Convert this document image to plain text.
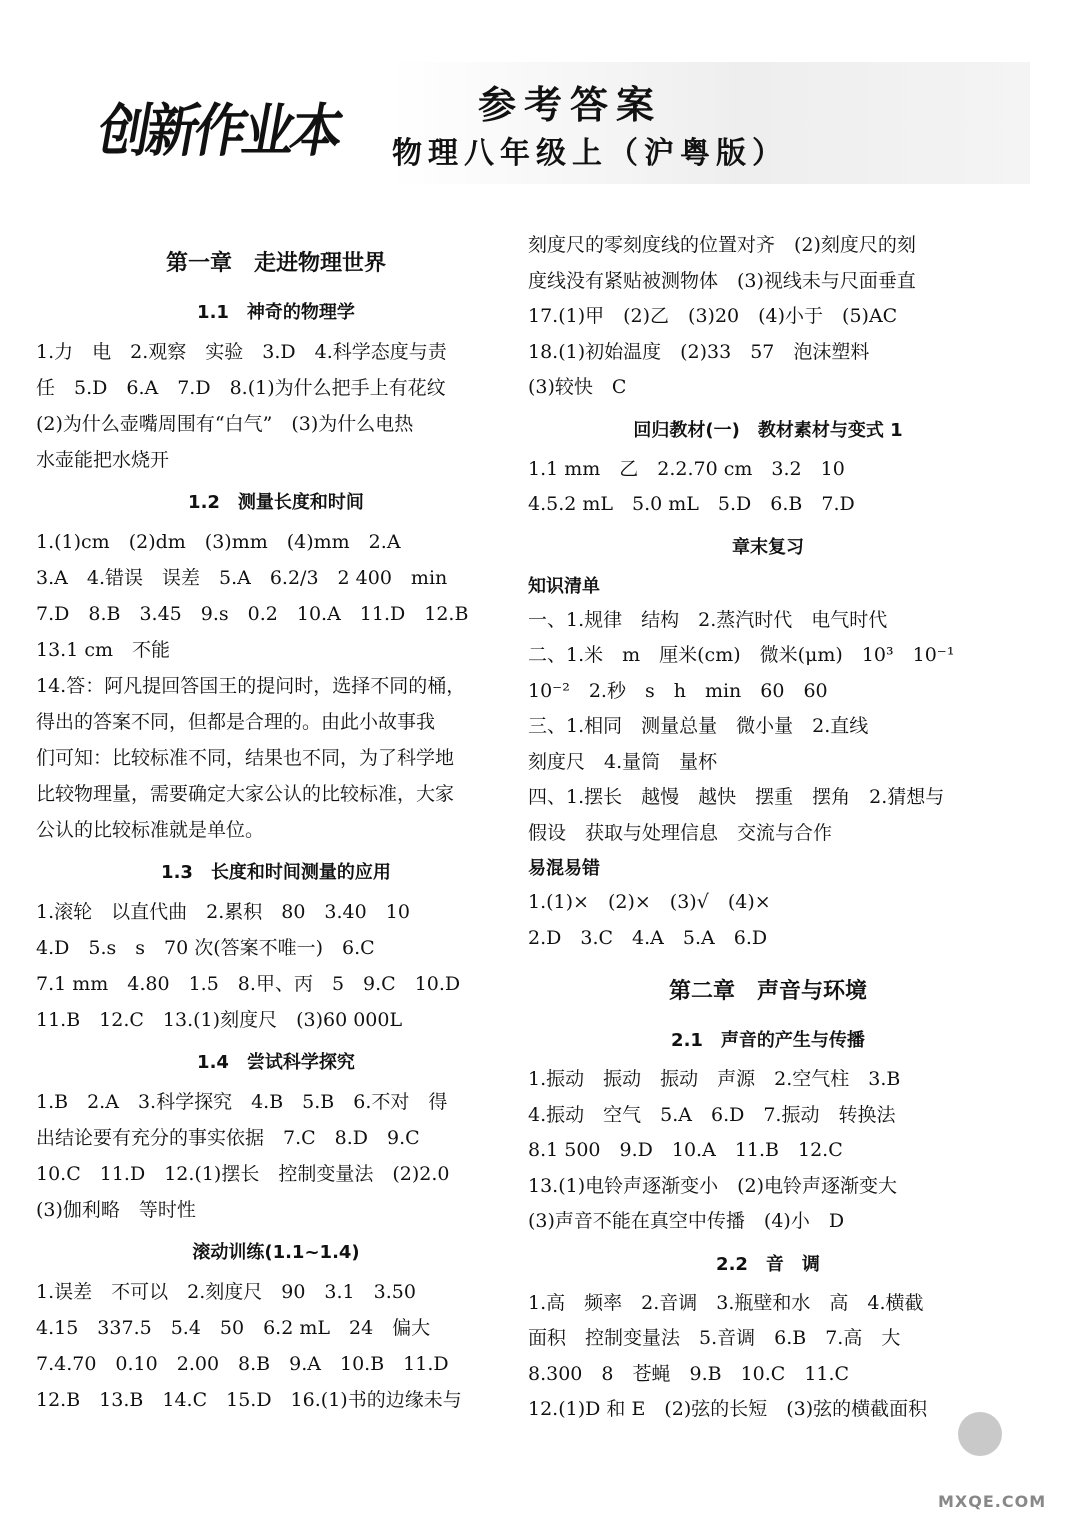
创新作业本	参考答案
物理八年级上（沪粤版）
第一章　走进物理世界
1.1　神奇的物理学
1.力　电　2.观察　实验　3.D　4.科学态度与责
任　5.D　6.A　7.D　8.(1)为什么把手上有花纹
(2)为什么壶嘴周围有“白气”　(3)为什么电热
水壶能把水烧开
1.2　测量长度和时间
1.(1)cm　(2)dm　(3)mm　(4)mm　2.A
3.A　4.错误　误差　5.A　6.2/3　2 400　min
7.D　8.B　3.45　9.s　0.2　10.A　11.D　12.B
13.1 cm　不能
14.答：阿凡提回答国王的提问时，选择不同的桶，
得出的答案不同，但都是合理的。由此小故事我
们可知：比较标准不同，结果也不同，为了科学地
比较物理量，需要确定大家公认的比较标准，大家
公认的比较标准就是单位。
1.3　长度和时间测量的应用
1.滚轮　以直代曲　2.累积　80　3.40　10
4.D　5.s　s　70 次(答案不唯一)　6.C
7.1 mm　4.80　1.5　8.甲、丙　5　9.C　10.D
11.B　12.C　13.(1)刻度尺　(3)60 000L
1.4　尝试科学探究
1.B　2.A　3.科学探究　4.B　5.B　6.不对　得
出结论要有充分的事实依据　7.C　8.D　9.C
10.C　11.D　12.(1)摆长　控制变量法　(2)2.0
(3)伽利略　等时性
滚动训练(1.1~1.4)
1.误差　不可以　2.刻度尺　90　3.1　3.50
4.15　337.5　5.4　50　6.2 mL　24　偏大
7.4.70　0.10　2.00　8.B　9.A　10.B　11.D
12.B　13.B　14.C　15.D　16.(1)书的边缘未与
刻度尺的零刻度线的位置对齐　(2)刻度尺的刻
度线没有紧贴被测物体　(3)视线未与尺面垂直
17.(1)甲　(2)乙　(3)20　(4)小于　(5)AC
18.(1)初始温度　(2)33　57　泡沫塑料
(3)较快　C
回归教材(一)　教材素材与变式 1
1.1 mm　乙　2.2.70 cm　3.2　10
4.5.2 mL　5.0 mL　5.D　6.B　7.D
章末复习
知识清单
一、1.规律　结构　2.蒸汽时代　电气时代
二、1.米　m　厘米(cm)　微米(μm)　10³　10⁻¹
10⁻²　2.秒　s　h　min　60　60
三、1.相同　测量总量　微小量　2.直线
刻度尺　4.量筒　量杯
四、1.摆长　越慢　越快　摆重　摆角　2.猜想与
假设　获取与处理信息　交流与合作
易混易错
1.(1)×　(2)×　(3)√　(4)×
2.D　3.C　4.A　5.A　6.D
第二章　声音与环境
2.1　声音的产生与传播
1.振动　振动　振动　声源　2.空气柱　3.B
4.振动　空气　5.A　6.D　7.振动　转换法
8.1 500　9.D　10.A　11.B　12.C
13.(1)电铃声逐渐变小　(2)电铃声逐渐变大
(3)声音不能在真空中传播　(4)小　D
2.2　音　调
1.高　频率　2.音调　3.瓶壁和水　高　4.横截
面积　控制变量法　5.音调　6.B　7.高　大
8.300　8　苍蝇　9.B　10.C　11.C
12.(1)D 和 E　(2)弦的长短　(3)弦的横截面积
MXQE.COM
